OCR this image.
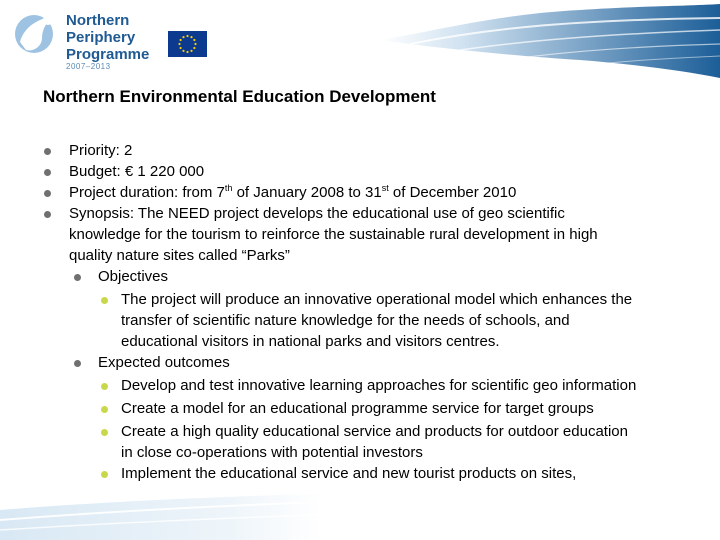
Northern
Periphery
Programme
2007–2013
Northern Environmental Education Development
Priority: 2
Budget: € 1 220 000
Project duration: from 7th of January 2008 to 31st of December 2010
Synopsis: The NEED project develops the educational use of geo scientific
knowledge for the tourism to reinforce the sustainable rural development in high
quality nature sites called “Parks”
Objectives
The project will produce an innovative operational model which enhances the
transfer of scientific nature knowledge for the needs of schools, and
educational visitors in national parks and visitors centres.
Expected outcomes
Develop and test innovative learning approaches for scientific geo information
Create a model for an educational programme service for target groups
Create a high quality educational service and products for outdoor education
in close co-operations with potential investors
Implement the educational service and new tourist products on sites,
